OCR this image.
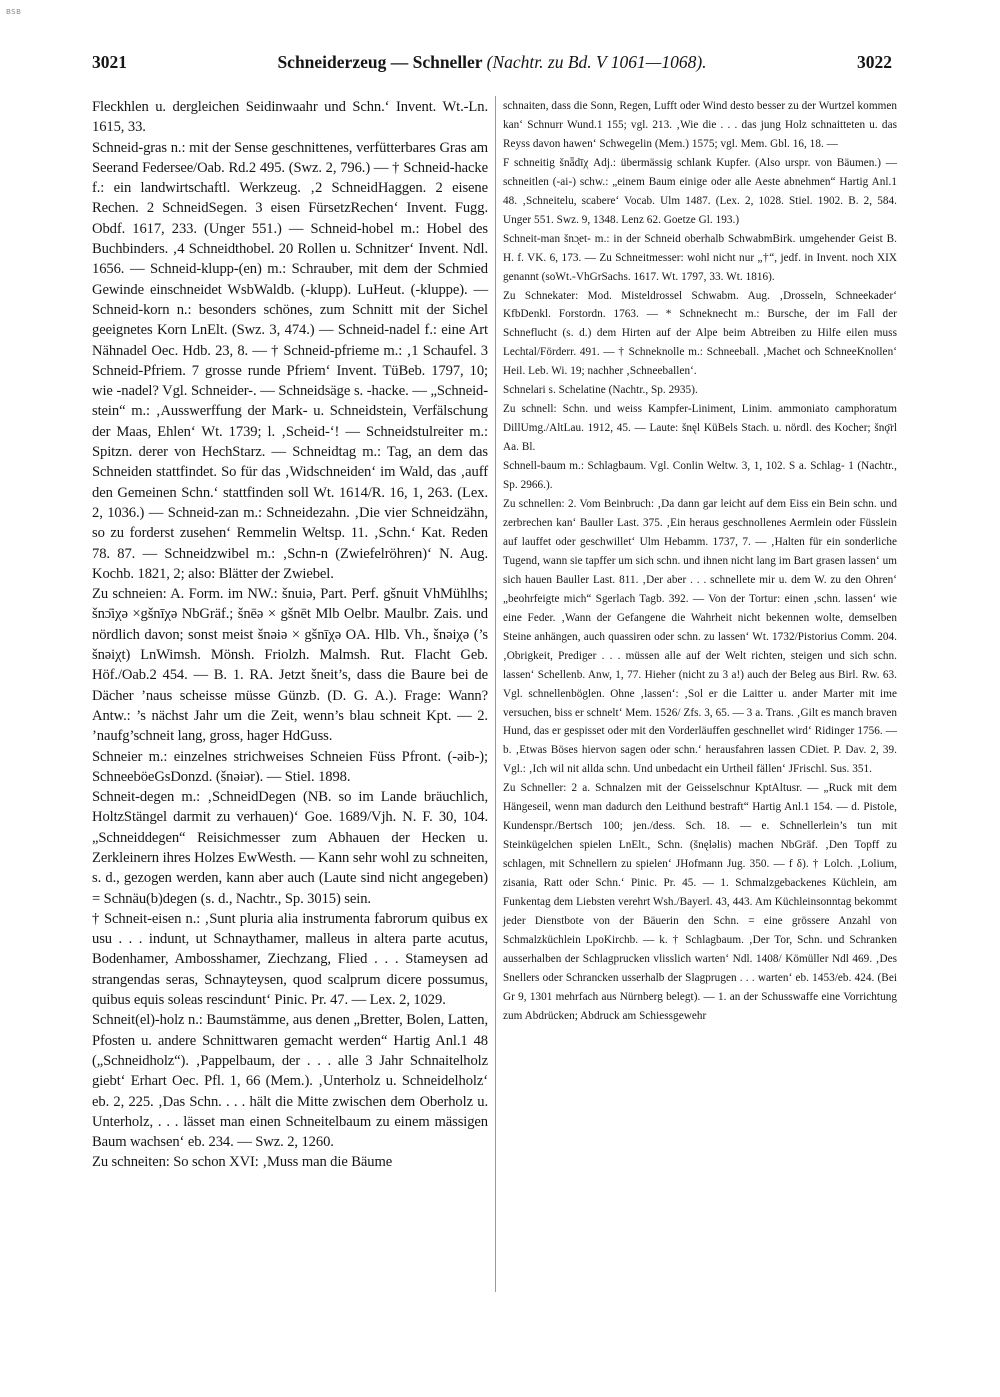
BSB
3021	Schneiderzeug — Schneller (Nachtr. zu Bd. V 1061—1068).	3022

Fleckhlen u. dergleichen Seidinwaahr und Schn.‘ Invent. Wt.-Ln. 1615, 33.

Schneid-gras n.: mit der Sense geschnittenes, verfütterbares Gras am Seerand Federsee/Oab. Rd.2 495. (Swz. 2, 796.) — † Schneid-hacke f.: ein landwirtschaftl. Werkzeug. ‚2 SchneidHaggen. 2 eisene Rechen. 2 SchneidSegen. 3 eisen FürsetzRechen‘ Invent. Fugg. Obdf. 1617, 233. (Unger 551.) — Schneid-hobel m.: Hobel des Buchbinders. ‚4 Schneidthobel. 20 Rollen u. Schnitzer‘ Invent. Ndl. 1656. — Schneid-klupp-(en) m.: Schrauber, mit dem der Schmied Gewinde einschneidet WsbWaldb. (-klupp). LuHeut. (-kluppe). — Schneid-korn n.: besonders schönes, zum Schnitt mit der Sichel geeignetes Korn LnElt. (Swz. 3, 474.) — Schneid-nadel f.: eine Art Nähnadel Oec. Hdb. 23, 8. — † Schneid-pfrieme m.: ‚1 Schaufel. 3 Schneid-Pfriem. 7 grosse runde Pfriem‘ Invent. TüBeb. 1797, 10; wie -nadel? Vgl. Schneider-. — Schneidsäge s. -hacke. — „Schneid-stein“ m.: ‚Ausswerffung der Mark- u. Schneidstein, Verfälschung der Maas, Ehlen‘ Wt. 1739; l. ‚Scheid-‘! — Schneidstulreiter m.: Spitzn. derer von HechStarz. — Schneidtag m.: Tag, an dem das Schneiden stattfindet. So für das ‚Widschneiden‘ im Wald, das ‚auff den Gemeinen Schn.‘ stattfinden soll Wt. 1614/R. 16, 1, 263. (Lex. 2, 1036.) — Schneid-zan m.: Schneidezahn. ‚Die vier Schneidzähn, so zu forderst zusehen‘ Remmelin Weltsp. 11. ‚Schn.‘ Kat. Reden 78. 87. — Schneidzwibel m.: ‚Schn-n (Zwiefelröhren)‘ N. Aug. Kochb. 1821, 2; also: Blätter der Zwiebel.

Zu schneien: A. Form. im NW.: šnuiə, Part. Perf. gšnuit VhMühlhs; šnɔ̄iχə ×gšnīχə NbGräf.; šnēə × gšnēt Mlb Oelbr. Maulbr. Zais. und nördlich davon; sonst meist šnəiə × gšnīχə OA. Hlb. Vh., šnəiχə (’s šnəiχt) LnWimsh. Mönsh. Friolzh. Malmsh. Rut. Flacht Geb. Höf./Oab.2 454. — B. 1. RA. Jetzt šneit’s, dass die Baure bei de Dächer ’naus scheisse müsse Günzb. (D. G. A.). Frage: Wann? Antw.: ’s nächst Jahr um die Zeit, wenn’s blau schneit Kpt. — 2. ’naufg’schneit lang, gross, hager HdGuss.

Schneier m.: einzelnes strichweises Schneien Füss Pfront. (-əib-); SchneeböeGsDonzd. (šnəiər). — Stiel. 1898.

Schneit-degen m.: ‚SchneidDegen (NB. so im Lande bräuchlich, HoltzStängel darmit zu verhauen)‘ Goe. 1689/Vjh. N. F. 30, 104. „Schneiddegen“ Reisichmesser zum Abhauen der Hecken u. Zerkleinern ihres Holzes EwWesth. — Kann sehr wohl zu schneiten, s. d., gezogen werden, kann aber auch (Laute sind nicht angegeben) = Schnäu(b)degen (s. d., Nachtr., Sp. 3015) sein.

† Schneit-eisen n.: ‚Sunt pluria alia instrumenta fabrorum quibus ex usu . . . indunt, ut Schnaythamer, malleus in altera parte acutus, Bodenhamer, Ambosshamer, Ziechzang, Flied . . . Stameysen ad strangendas seras, Schnayteysen, quod scalprum dicere possumus, quibus equis soleas rescindunt‘ Pinic. Pr. 47. — Lex. 2, 1029.

Schneit(el)-holz n.: Baumstämme, aus denen „Bretter, Bolen, Latten, Pfosten u. andere Schnittwaren gemacht werden“ Hartig Anl.1 48 („Schneidholz“). ‚Pappelbaum, der . . . alle 3 Jahr Schnaitelholz giebt‘ Erhart Oec. Pfl. 1, 66 (Mem.). ‚Unterholz u. Schneidelholz‘ eb. 2, 225. ‚Das Schn. . . . hält die Mitte zwischen dem Oberholz u. Unterholz, . . . lässet man einen Schneitelbaum zu einem mässigen Baum wachsen‘ eb. 234. — Swz. 2, 1260.

Zu schneiten: So schon XVI: ‚Muss man die Bäume

schnaiten, dass die Sonn, Regen, Lufft oder Wind desto besser zu der Wurtzel kommen kan‘ Schnurr Wund.1 155; vgl. 213. ‚Wie die . . . das jung Holz schnaitteten u. das Reyss davon hawen‘ Schwegelin (Mem.) 1575; vgl. Mem. Gbl. 16, 18. —

F schneitig šnǟdīχ Adj.: übermässig schlank Kupfer. (Also urspr. von Bäumen.) — schneitlen (-ai-) schw.: „einem Baum einige oder alle Aeste abnehmen“ Hartig Anl.1 48. ‚Schneitelu, scabere‘ Vocab. Ulm 1487. (Lex. 2, 1028. Stiel. 1902. B. 2, 584. Unger 551. Swz. 9, 1348. Lenz 62. Goetze Gl. 193.)

Schneit-man šnɔ̨et- m.: in der Schneid oberhalb SchwabmBirk. umgehender Geist B. H. f. VK. 6, 173. — Zu Schneitmesser: wohl nicht nur „†“, jedf. in Invent. noch XIX genannt (soWt.-VhGrSachs. 1617. Wt. 1797, 33. Wt. 1816).

Zu Schnekater: Mod. Misteldrossel Schwabm. Aug. ‚Drosseln, Schneekader‘ KfbDenkl. Forstordn. 1763. — * Schneknecht m.: Bursche, der im Fall der Schneflucht (s. d.) dem Hirten auf der Alpe beim Abtreiben zu Hilfe eilen muss Lechtal/Förderr. 491. — † Schneknolle m.: Schneeball. ‚Machet och SchneeKnollen‘ Heil. Leb. Wi. 19; nachher ‚Schneeballen‘.

Schnelari s. Schelatine (Nachtr., Sp. 2935).

Zu schnell: Schn. und weiss Kampfer-Liniment, Linim. ammoniato camphoratum DillUmg./AltLau. 1912, 45. — Laute: šnęl KüBels Stach. u. nördl. des Kocher; šnǫ̈rl Aa. Bl.

Schnell-baum m.: Schlagbaum. Vgl. Conlin Weltw. 3, 1, 102. S a. Schlag- 1 (Nachtr., Sp. 2966.).

Zu schnellen: 2. Vom Beinbruch: ‚Da dann gar leicht auf dem Eiss ein Bein schn. und zerbrechen kan‘ Bauller Last. 375. ‚Ein heraus geschnollenes Aermlein oder Füsslein auf lauffet oder geschwillet‘ Ulm Hebamm. 1737, 7. — ‚Halten für ein sonderliche Tugend, wann sie tapffer um sich schn. und ihnen nicht lang im Bart grasen lassen‘ um sich hauen Bauller Last. 811. ‚Der aber . . . schnellete mir u. dem W. zu den Ohren‘ „beohrfeigte mich“ Sgerlach Tagb. 392. — Von der Tortur: einen ‚schn. lassen‘ wie eine Feder. ‚Wann der Gefangene die Wahrheit nicht bekennen wolte, demselben Steine anhängen, auch quassiren oder schn. zu lassen‘ Wt. 1732/Pistorius Comm. 204. ‚Obrigkeit, Prediger . . . müssen alle auf der Welt richten, steigen und sich schn. lassen‘ Schellenb. Anw, 1, 77. Hieher (nicht zu 3 a!) auch der Beleg aus Birl. Rw. 63. Vgl. schnellenböglen. Ohne ‚lassen‘: ‚Sol er die Laitter u. ander Marter mit ime versuchen, biss er schnelt‘ Mem. 1526/ Zfs. 3, 65. — 3 a. Trans. ‚Gilt es manch braven Hund, das er gespisset oder mit den Vorderläuffen geschnellet wird‘ Ridinger 1756. — b. ‚Etwas Böses hiervon sagen oder schn.‘ herausfahren lassen CDiet. P. Dav. 2, 39. Vgl.: ‚Ich wil nit allda schn. Und unbedacht ein Urtheil fällen‘ JFrischl. Sus. 351.

Zu Schneller: 2 a. Schnalzen mit der Geisselschnur KptAltusr. — „Ruck mit dem Hängeseil, wenn man dadurch den Leithund bestraft“ Hartig Anl.1 154. — d. Pistole, Kundenspr./Bertsch 100; jen./dess. Sch. 18. — e. Schnellerlein’s tun mit Steinkügelchen spielen LnElt., Schn. (šnęləlis) machen NbGräf. ‚Den Topff zu schlagen, mit Schnellern zu spielen‘ JHofmann Jug. 350. — f δ). † Lolch. ‚Lolium, zisania, Ratt oder Schn.‘ Pinic. Pr. 45. — 1. Schmalzgebackenes Küchlein, am Funkentag dem Liebsten verehrt Wsh./Bayerl. 43, 443. Am Küchleinsonntag bekommt jeder Dienstbote von der Bäuerin den Schn. = eine grössere Anzahl von Schmalzküchlein LpoKirchb. — k. † Schlagbaum. ‚Der Tor, Schn. und Schranken ausserhalben der Schlagprucken vlisslich warten‘ Ndl. 1408/ Kömüller Ndl 469. ‚Des Snellers oder Schrancken usserhalb der Slagprugen . . . warten‘ eb. 1453/eb. 424. (Bei Gr 9, 1301 mehrfach aus Nürnberg belegt). — 1. an der Schusswaffe eine Vorrichtung zum Abdrücken; Abdruck am Schiessgewehr
